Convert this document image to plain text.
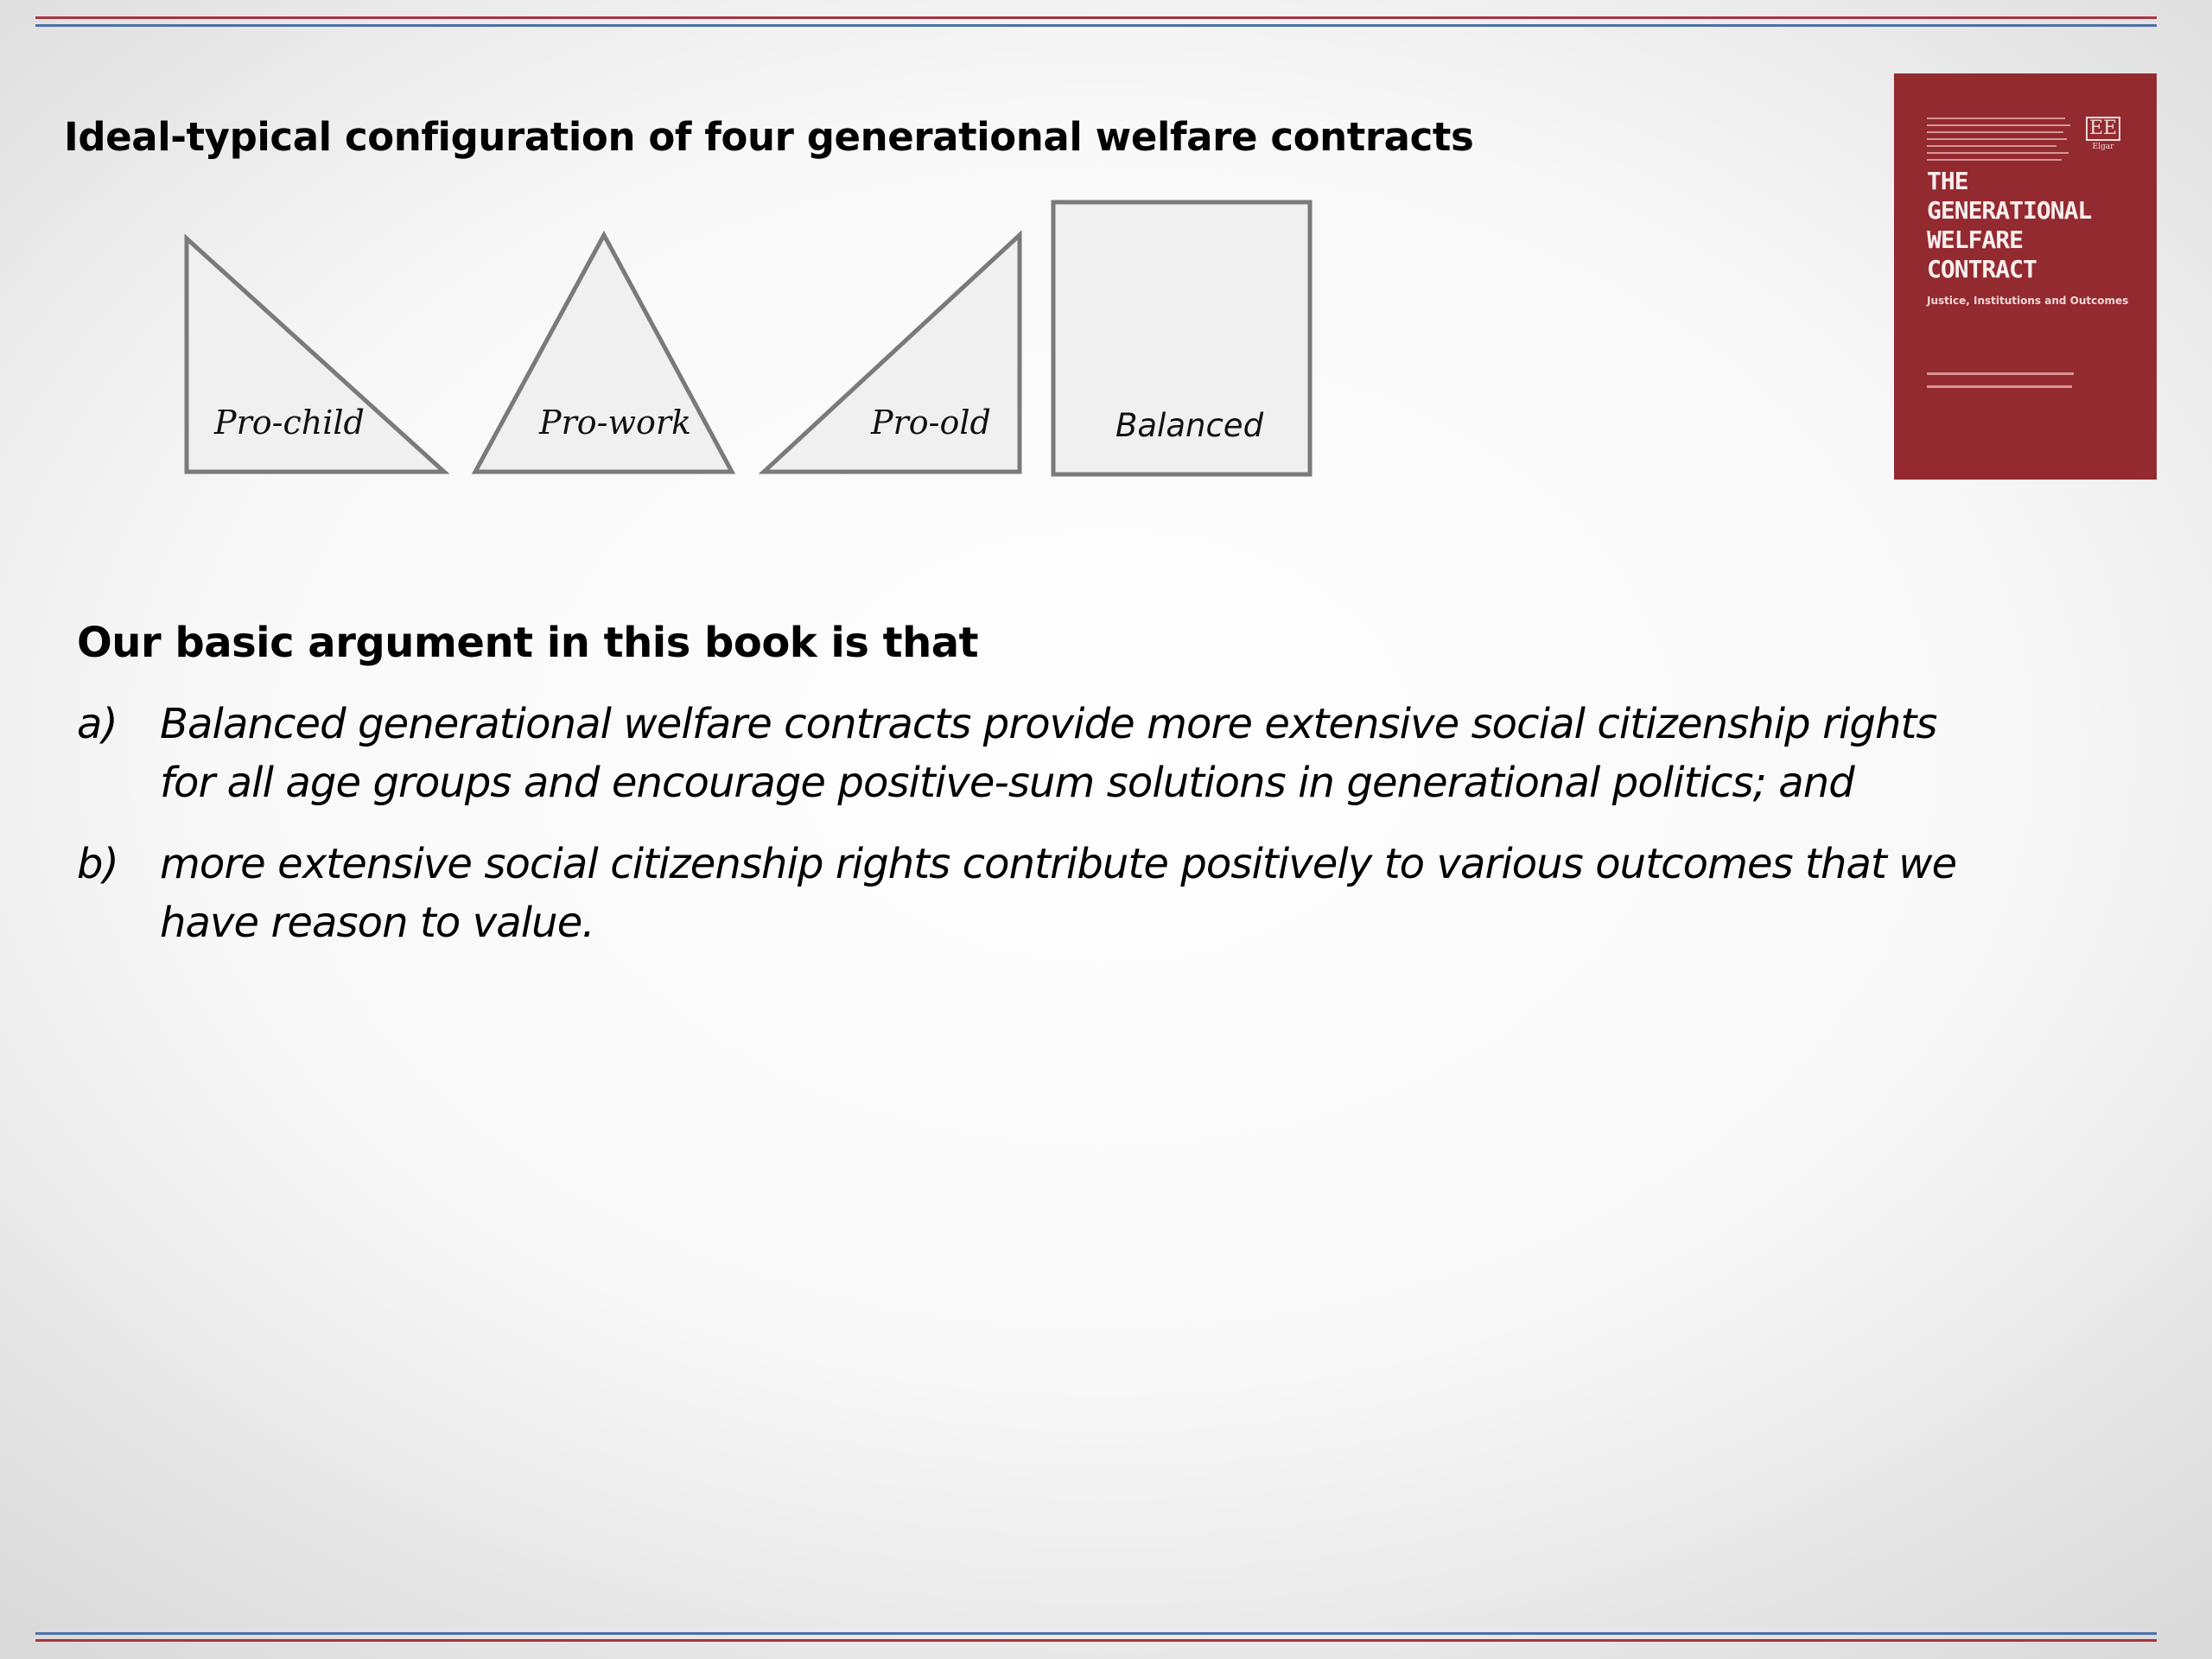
Ideal-typical configuration of four generational welfare contracts
Pro-child	Pro-work	Pro-old	Balanced
EE
Elgar
THE
GENERATIONAL
WELFARE
CONTRACT
Justice, Institutions and Outcomes
Our basic argument in this book is that
a) Balanced generational welfare contracts provide more extensive social citizenship rights
for all age groups and encourage positive-sum solutions in generational politics; and
b) more extensive social citizenship rights contribute positively to various outcomes that we
have reason to value.
